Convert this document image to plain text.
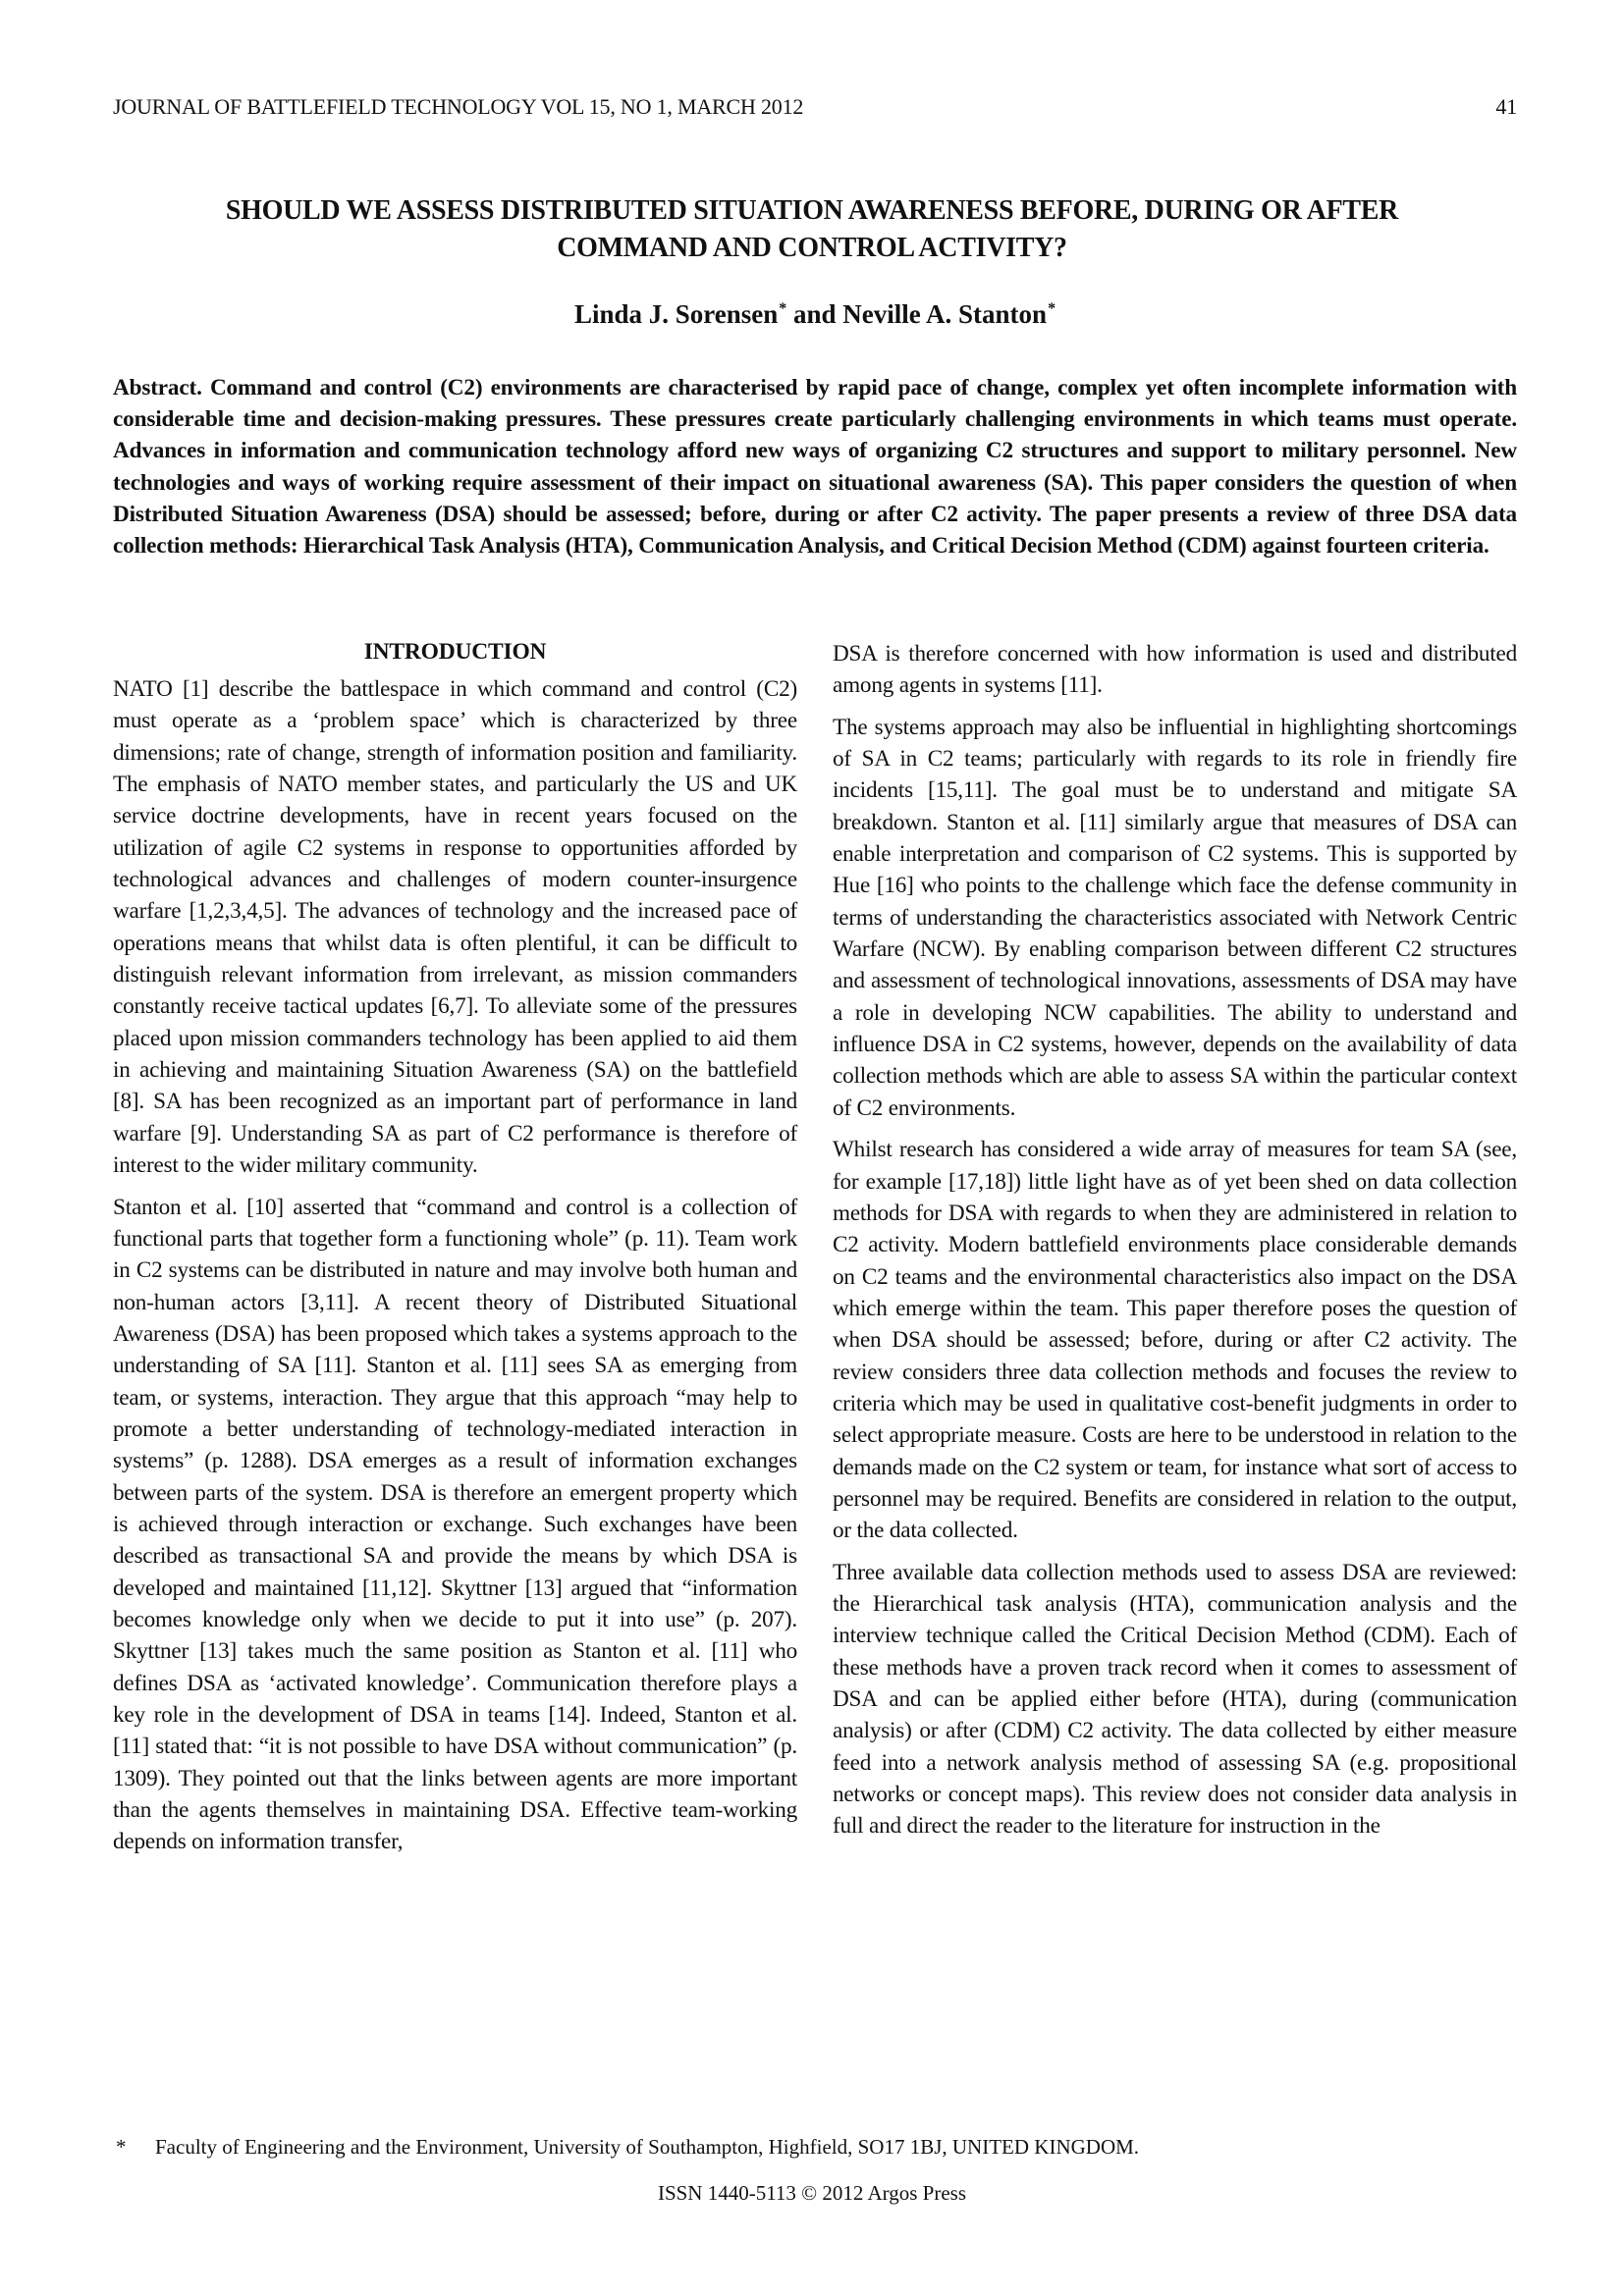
JOURNAL OF BATTLEFIELD TECHNOLOGY VOL 15, NO 1, MARCH 2012	41
SHOULD WE ASSESS DISTRIBUTED SITUATION AWARENESS BEFORE, DURING OR AFTER COMMAND AND CONTROL ACTIVITY?
Linda J. Sorensen* and Neville A. Stanton*
Abstract. Command and control (C2) environments are characterised by rapid pace of change, complex yet often incomplete information with considerable time and decision-making pressures. These pressures create particularly challenging environments in which teams must operate. Advances in information and communication technology afford new ways of organizing C2 structures and support to military personnel. New technologies and ways of working require assessment of their impact on situational awareness (SA). This paper considers the question of when Distributed Situation Awareness (DSA) should be assessed; before, during or after C2 activity. The paper presents a review of three DSA data collection methods: Hierarchical Task Analysis (HTA), Communication Analysis, and Critical Decision Method (CDM) against fourteen criteria.
INTRODUCTION

NATO [1] describe the battlespace in which command and control (C2) must operate as a ‘problem space’ which is characterized by three dimensions; rate of change, strength of information position and familiarity. The emphasis of NATO member states, and particularly the US and UK service doctrine developments, have in recent years focused on the utilization of agile C2 systems in response to opportunities afforded by technological advances and challenges of modern counter-insurgence warfare [1,2,3,4,5]. The advances of technology and the increased pace of operations means that whilst data is often plentiful, it can be difficult to distinguish relevant information from irrelevant, as mission commanders constantly receive tactical updates [6,7]. To alleviate some of the pressures placed upon mission commanders technology has been applied to aid them in achieving and maintaining Situation Awareness (SA) on the battlefield [8]. SA has been recognized as an important part of performance in land warfare [9]. Understanding SA as part of C2 performance is therefore of interest to the wider military community.

Stanton et al. [10] asserted that “command and control is a collection of functional parts that together form a functioning whole” (p. 11). Team work in C2 systems can be distributed in nature and may involve both human and non-human actors [3,11]. A recent theory of Distributed Situational Awareness (DSA) has been proposed which takes a systems approach to the understanding of SA [11]. Stanton et al. [11] sees SA as emerging from team, or systems, interaction. They argue that this approach “may help to promote a better understanding of technology-mediated interaction in systems” (p. 1288). DSA emerges as a result of information exchanges between parts of the system. DSA is therefore an emergent property which is achieved through interaction or exchange. Such exchanges have been described as transactional SA and provide the means by which DSA is developed and maintained [11,12]. Skyttner [13] argued that “information becomes knowledge only when we decide to put it into use” (p. 207). Skyttner [13] takes much the same position as Stanton et al. [11] who defines DSA as ‘activated knowledge’. Communication therefore plays a key role in the development of DSA in teams [14]. Indeed, Stanton et al. [11] stated that: “it is not possible to have DSA without communication” (p. 1309). They pointed out that the links between agents are more important than the agents themselves in maintaining DSA. Effective team-working depends on information transfer,

DSA is therefore concerned with how information is used and distributed among agents in systems [11].

The systems approach may also be influential in highlighting shortcomings of SA in C2 teams; particularly with regards to its role in friendly fire incidents [15,11]. The goal must be to understand and mitigate SA breakdown. Stanton et al. [11] similarly argue that measures of DSA can enable interpretation and comparison of C2 systems. This is supported by Hue [16] who points to the challenge which face the defense community in terms of understanding the characteristics associated with Network Centric Warfare (NCW). By enabling comparison between different C2 structures and assessment of technological innovations, assessments of DSA may have a role in developing NCW capabilities. The ability to understand and influence DSA in C2 systems, however, depends on the availability of data collection methods which are able to assess SA within the particular context of C2 environments.

Whilst research has considered a wide array of measures for team SA (see, for example [17,18]) little light have as of yet been shed on data collection methods for DSA with regards to when they are administered in relation to C2 activity. Modern battlefield environments place considerable demands on C2 teams and the environmental characteristics also impact on the DSA which emerge within the team. This paper therefore poses the question of when DSA should be assessed; before, during or after C2 activity. The review considers three data collection methods and focuses the review to criteria which may be used in qualitative cost-benefit judgments in order to select appropriate measure. Costs are here to be understood in relation to the demands made on the C2 system or team, for instance what sort of access to personnel may be required. Benefits are considered in relation to the output, or the data collected.

Three available data collection methods used to assess DSA are reviewed: the Hierarchical task analysis (HTA), communication analysis and the interview technique called the Critical Decision Method (CDM). Each of these methods have a proven track record when it comes to assessment of DSA and can be applied either before (HTA), during (communication analysis) or after (CDM) C2 activity. The data collected by either measure feed into a network analysis method of assessing SA (e.g. propositional networks or concept maps). This review does not consider data analysis in full and direct the reader to the literature for instruction in the

* Faculty of Engineering and the Environment, University of Southampton, Highfield, SO17 1BJ, UNITED KINGDOM.
ISSN 1440-5113 © 2012 Argos Press
